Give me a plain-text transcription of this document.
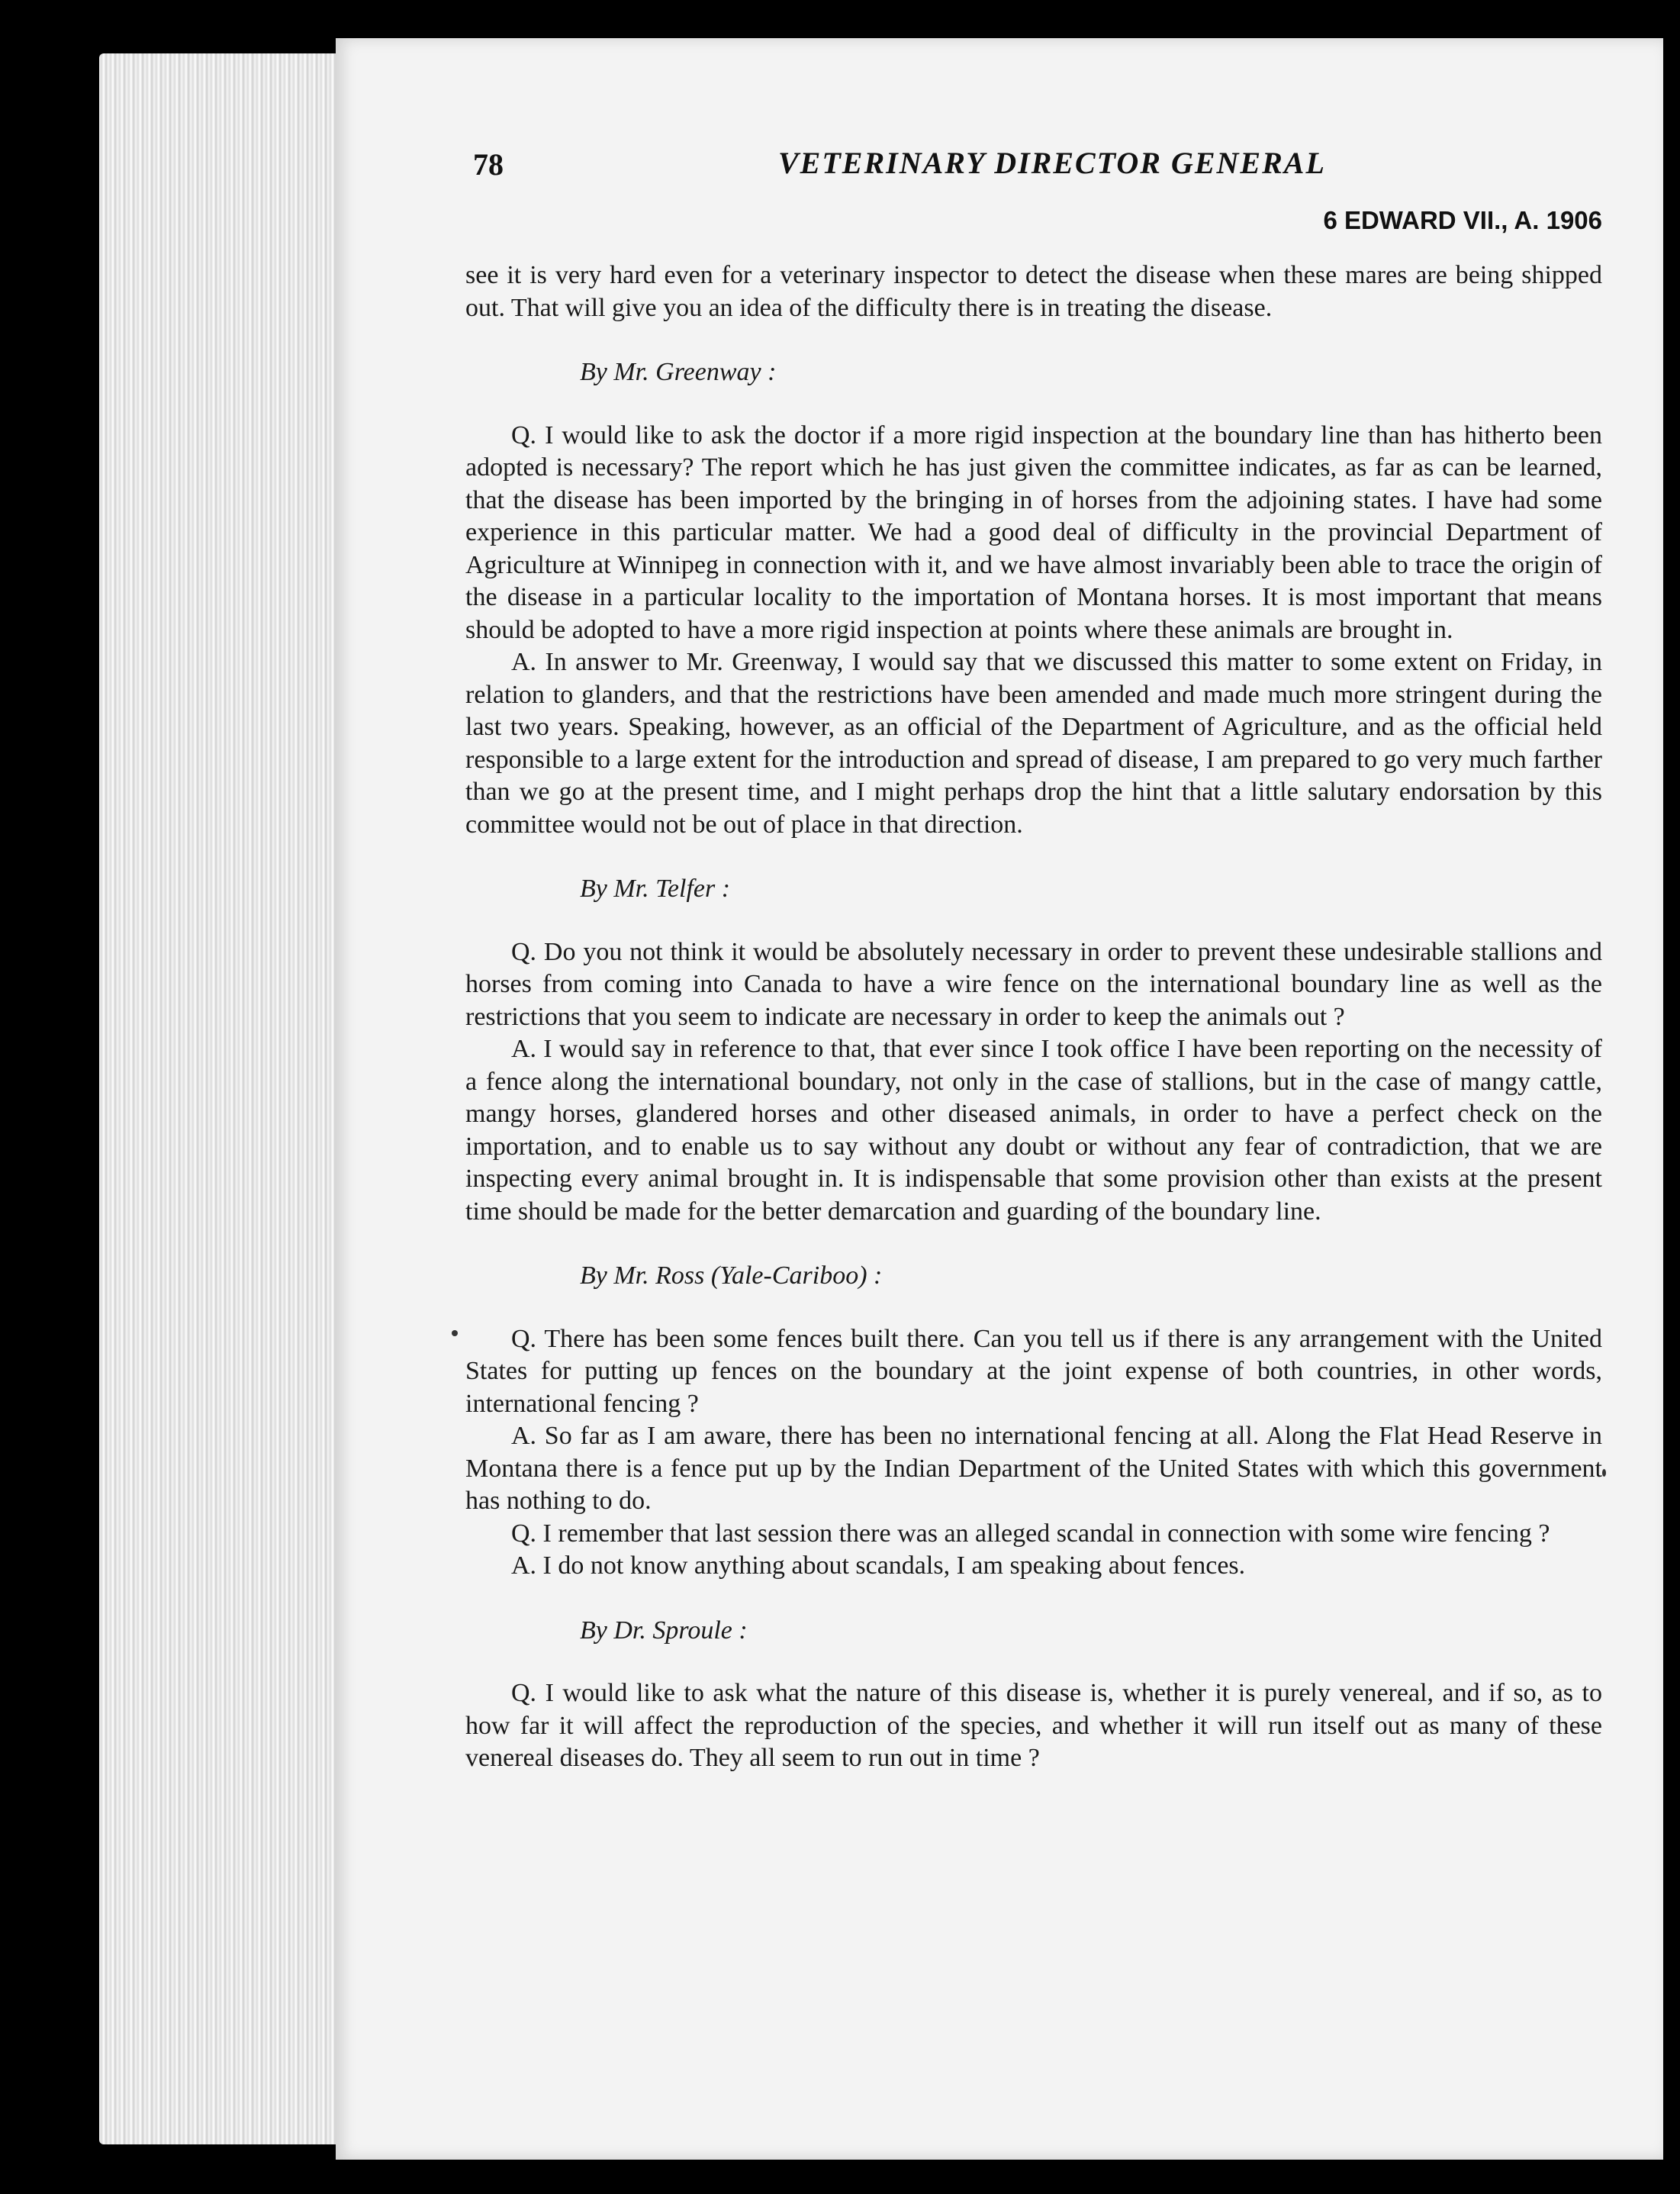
78	VETERINARY DIRECTOR GENERAL
6 EDWARD VII., A. 1906

see it is very hard even for a veterinary inspector to detect the disease when these mares are being shipped out. That will give you an idea of the difficulty there is in treating the disease.

By Mr. Greenway :

Q. I would like to ask the doctor if a more rigid inspection at the boundary line than has hitherto been adopted is necessary? The report which he has just given the committee indicates, as far as can be learned, that the disease has been imported by the bringing in of horses from the adjoining states. I have had some experience in this particular matter. We had a good deal of difficulty in the provincial Department of Agriculture at Winnipeg in connection with it, and we have almost invariably been able to trace the origin of the disease in a particular locality to the importation of Montana horses. It is most important that means should be adopted to have a more rigid inspection at points where these animals are brought in.

A. In answer to Mr. Greenway, I would say that we discussed this matter to some extent on Friday, in relation to glanders, and that the restrictions have been amended and made much more stringent during the last two years. Speaking, however, as an official of the Department of Agriculture, and as the official held responsible to a large extent for the introduction and spread of disease, I am prepared to go very much farther than we go at the present time, and I might perhaps drop the hint that a little salutary endorsation by this committee would not be out of place in that direction.

By Mr. Telfer :

Q. Do you not think it would be absolutely necessary in order to prevent these undesirable stallions and horses from coming into Canada to have a wire fence on the international boundary line as well as the restrictions that you seem to indicate are necessary in order to keep the animals out ?

A. I would say in reference to that, that ever since I took office I have been reporting on the necessity of a fence along the international boundary, not only in the case of stallions, but in the case of mangy cattle, mangy horses, glandered horses and other diseased animals, in order to have a perfect check on the importation, and to enable us to say without any doubt or without any fear of contradiction, that we are inspecting every animal brought in. It is indispensable that some provision other than exists at the present time should be made for the better demarcation and guarding of the boundary line.

By Mr. Ross (Yale-Cariboo) :

Q. There has been some fences built there. Can you tell us if there is any arrangement with the United States for putting up fences on the boundary at the joint expense of both countries, in other words, international fencing ?

A. So far as I am aware, there has been no international fencing at all. Along the Flat Head Reserve in Montana there is a fence put up by the Indian Department of the United States with which this government has nothing to do.

Q. I remember that last session there was an alleged scandal in connection with some wire fencing ?

A. I do not know anything about scandals, I am speaking about fences.

By Dr. Sproule :

Q. I would like to ask what the nature of this disease is, whether it is purely venereal, and if so, as to how far it will affect the reproduction of the species, and whether it will run itself out as many of these venereal diseases do. They all seem to run out in time ?
